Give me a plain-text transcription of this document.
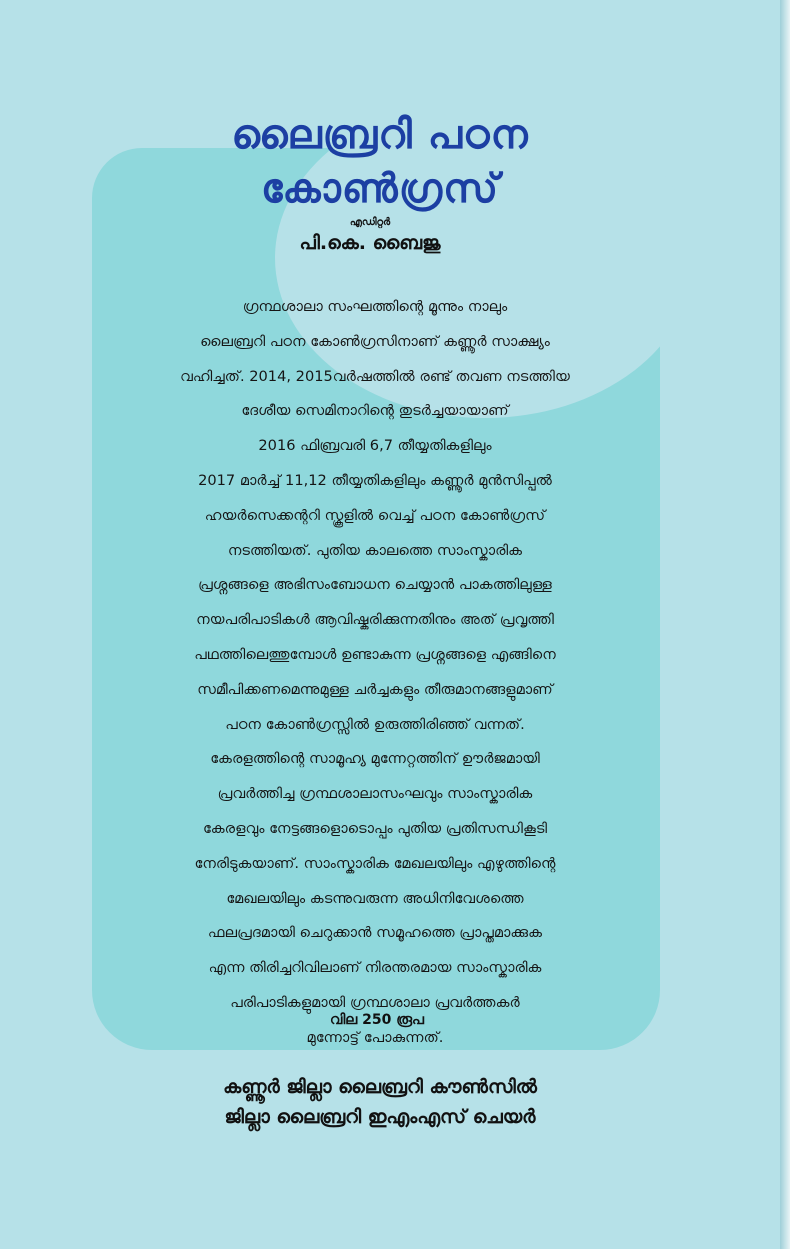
ലൈബ്രറി പഠന
കോൺഗ്രസ്
എഡിറ്റർ
പി.കെ. ബൈജു
ഗ്രന്ഥശാലാ സംഘത്തിന്റെ മൂന്നും നാലും
ലൈബ്രറി പഠന കോൺഗ്രസിനാണ് കണ്ണൂർ സാക്ഷ്യം
വഹിച്ചത്. 2014, 2015വർഷത്തിൽ രണ്ട് തവണ നടത്തിയ
ദേശീയ സെമിനാറിന്റെ തുടർച്ചയായാണ്
2016 ഫിബ്രവരി 6,7 തീയ്യതികളിലും
2017 മാർച്ച് 11,12 തീയ്യതികളിലും കണ്ണൂർ മുൻസിപ്പൽ
ഹയർസെക്കന്ററി സ്കൂളിൽ വെച്ച് പഠന കോൺഗ്രസ്
നടത്തിയത്. പുതിയ കാലത്തെ സാംസ്കാരിക
പ്രശ്നങ്ങളെ അഭിസംബോധന ചെയ്യാൻ പാകത്തിലുള്ള
നയപരിപാടികൾ ആവിഷ്കരിക്കുന്നതിനും അത് പ്രവൃത്തി
പഥത്തിലെത്തുമ്പോൾ ഉണ്ടാകുന്ന പ്രശ്നങ്ങളെ എങ്ങിനെ
സമീപിക്കണമെന്നുമുള്ള ചർച്ചകളും തീരുമാനങ്ങളുമാണ്
പഠന കോൺഗ്രസ്സിൽ ഉരുത്തിരിഞ്ഞ് വന്നത്.
കേരളത്തിന്റെ സാമൂഹ്യ മുന്നേറ്റത്തിന് ഊർജമായി
പ്രവർത്തിച്ച ഗ്രന്ഥശാലാസംഘവും സാംസ്കാരിക
കേരളവും നേട്ടങ്ങളൊടൊപ്പം പുതിയ പ്രതിസന്ധികൂടി
നേരിടുകയാണ്. സാംസ്കാരിക മേഖലയിലും എഴുത്തിന്റെ
മേഖലയിലും കടന്നുവരുന്ന അധിനിവേശത്തെ
ഫലപ്രദമായി ചെറുക്കാൻ സമൂഹത്തെ പ്രാപ്തമാക്കുക
എന്ന തിരിച്ചറിവിലാണ് നിരന്തരമായ സാംസ്കാരിക
പരിപാടികളുമായി ഗ്രന്ഥശാലാ പ്രവർത്തകർ
മുന്നോട്ട് പോകുന്നത്.
വില 250 രൂപ
കണ്ണൂർ ജില്ലാ ലൈബ്രറി കൗൺസിൽ
ജില്ലാ ലൈബ്രറി ഇഎംഎസ് ചെയർ
